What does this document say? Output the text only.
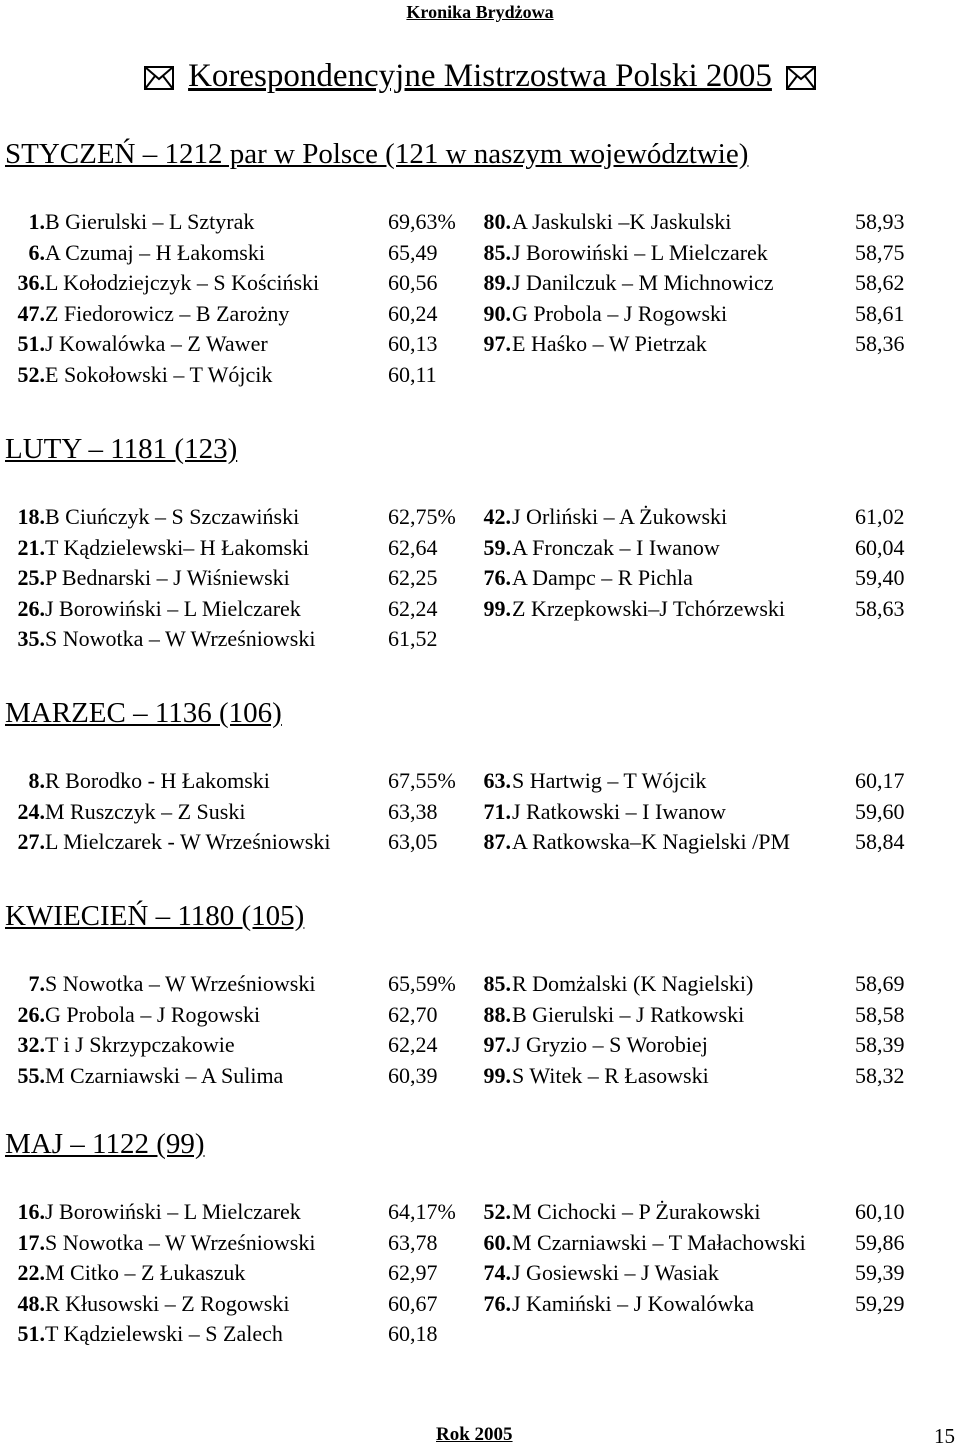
Kronika Brydżowa
Korespondencyjne Mistrzostwa Polski 2005
STYCZEŃ – 1212 par w Polsce (121 w naszym województwie)
1. B Gierulski – L Sztyrak	69,63%	80. A Jaskulski –K Jaskulski	58,93
6. A Czumaj – H Łakomski	65,49	85. J Borowiński – L Mielczarek	58,75
36. L Kołodziejczyk – S Kościński	60,56	89. J Danilczuk – M Michnowicz	58,62
47. Z Fiedorowicz – B Zarożny	60,24	90. G Probola – J Rogowski	58,61
51. J Kowalówka – Z Wawer	60,13	97. E Haśko – W Pietrzak	58,36
52. E Sokołowski – T Wójcik	60,11
LUTY – 1181 (123)
18. B Ciuńczyk – S Szczawiński	62,75%	42. J Orliński – A Żukowski	61,02
21. T Kądzielewski– H Łakomski	62,64	59. A Fronczak – I Iwanow	60,04
25. P Bednarski – J Wiśniewski	62,25	76. A Dampc – R Pichla	59,40
26. J Borowiński – L Mielczarek	62,24	99. Z Krzepkowski–J Tchórzewski	58,63
35. S Nowotka – W Wrześniowski	61,52
MARZEC – 1136 (106)
8. R Borodko - H Łakomski	67,55%	63. S Hartwig – T Wójcik	60,17
24. M Ruszczyk – Z Suski	63,38	71. J Ratkowski – I Iwanow	59,60
27. L Mielczarek - W Wrześniowski	63,05	87. A Ratkowska–K Nagielski /PM	58,84
KWIECIEŃ – 1180 (105)
7. S Nowotka – W Wrześniowski	65,59%	85. R Domżalski (K Nagielski)	58,69
26. G Probola – J Rogowski	62,70	88. B Gierulski – J Ratkowski	58,58
32. T i J Skrzypczakowie	62,24	97. J Gryzio – S Worobiej	58,39
55. M Czarniawski – A Sulima	60,39	99. S Witek – R Łasowski	58,32
MAJ – 1122 (99)
16. J Borowiński – L Mielczarek	64,17%	52. M Cichocki – P Żurakowski	60,10
17. S Nowotka – W Wrześniowski	63,78	60. M Czarniawski – T Małachowski 59,86
22. M Citko – Z Łukaszuk	62,97	74. J Gosiewski – J Wasiak	59,39
48. R Kłusowski – Z Rogowski	60,67	76. J Kamiński – J Kowalówka	59,29
51. T Kądzielewski – S Zalech	60,18
Rok 2005	15
